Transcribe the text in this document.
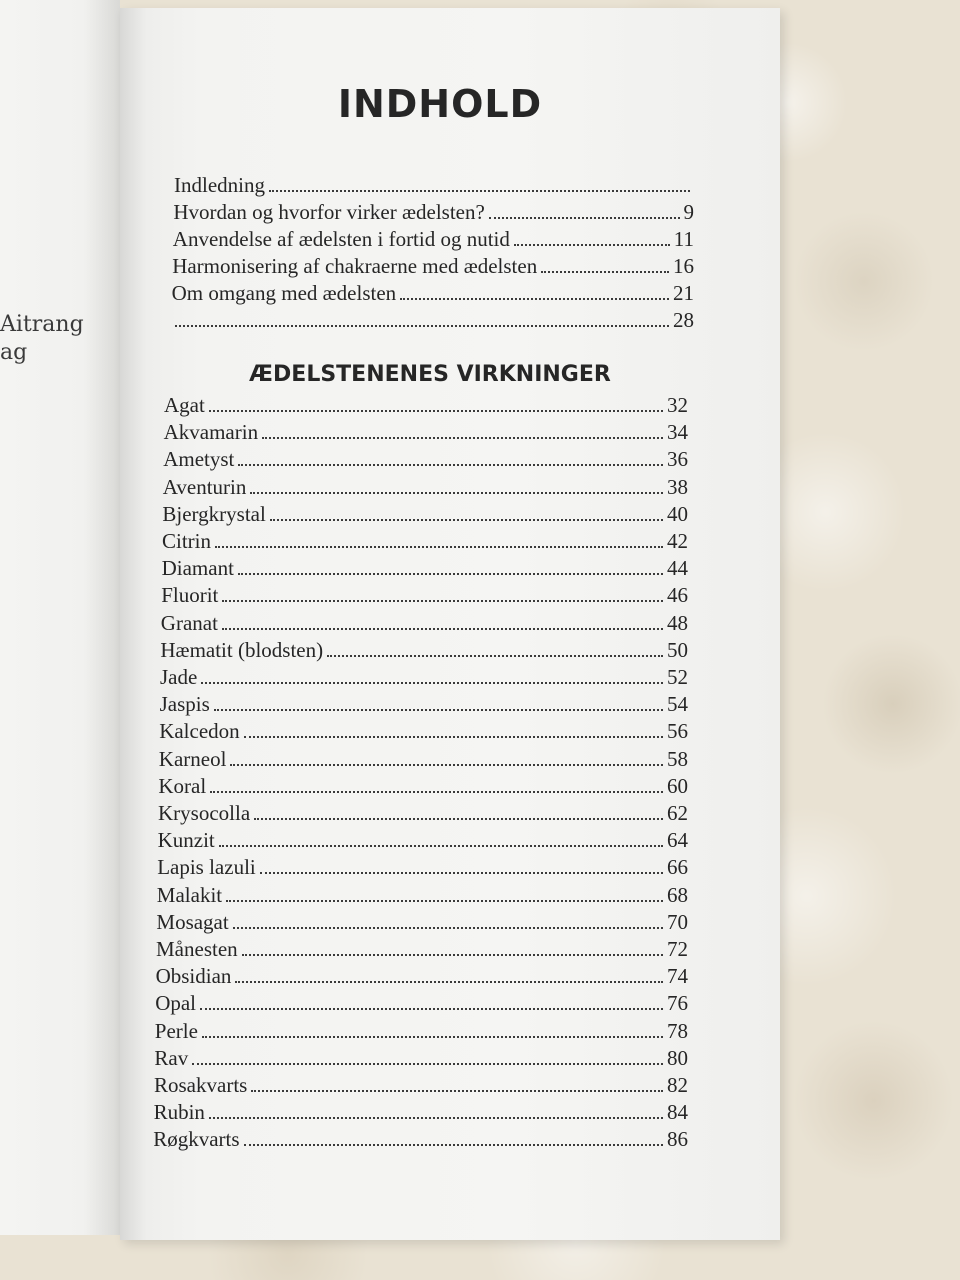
Aitrang
ag
INDHOLD
ÆDELSTENENES VIRKNINGER
Indledning
Hvordan og hvorfor virker ædelsten?	9
Anvendelse af ædelsten i fortid og nutid	11
Harmonisering af chakraerne med ædelsten	16
Om omgang med ædelsten	21
28
Agat	32
Akvamarin	34
Ametyst	36
Aventurin	38
Bjergkrystal	40
Citrin	42
Diamant	44
Fluorit	46
Granat	48
Hæmatit (blodsten)	50
Jade	52
Jaspis	54
Kalcedon	56
Karneol	58
Koral	60
Krysocolla	62
Kunzit	64
Lapis lazuli	66
Malakit	68
Mosagat	70
Månesten	72
Obsidian	74
Opal	76
Perle	78
Rav	80
Rosakvarts	82
Rubin	84
Røgkvarts	86
